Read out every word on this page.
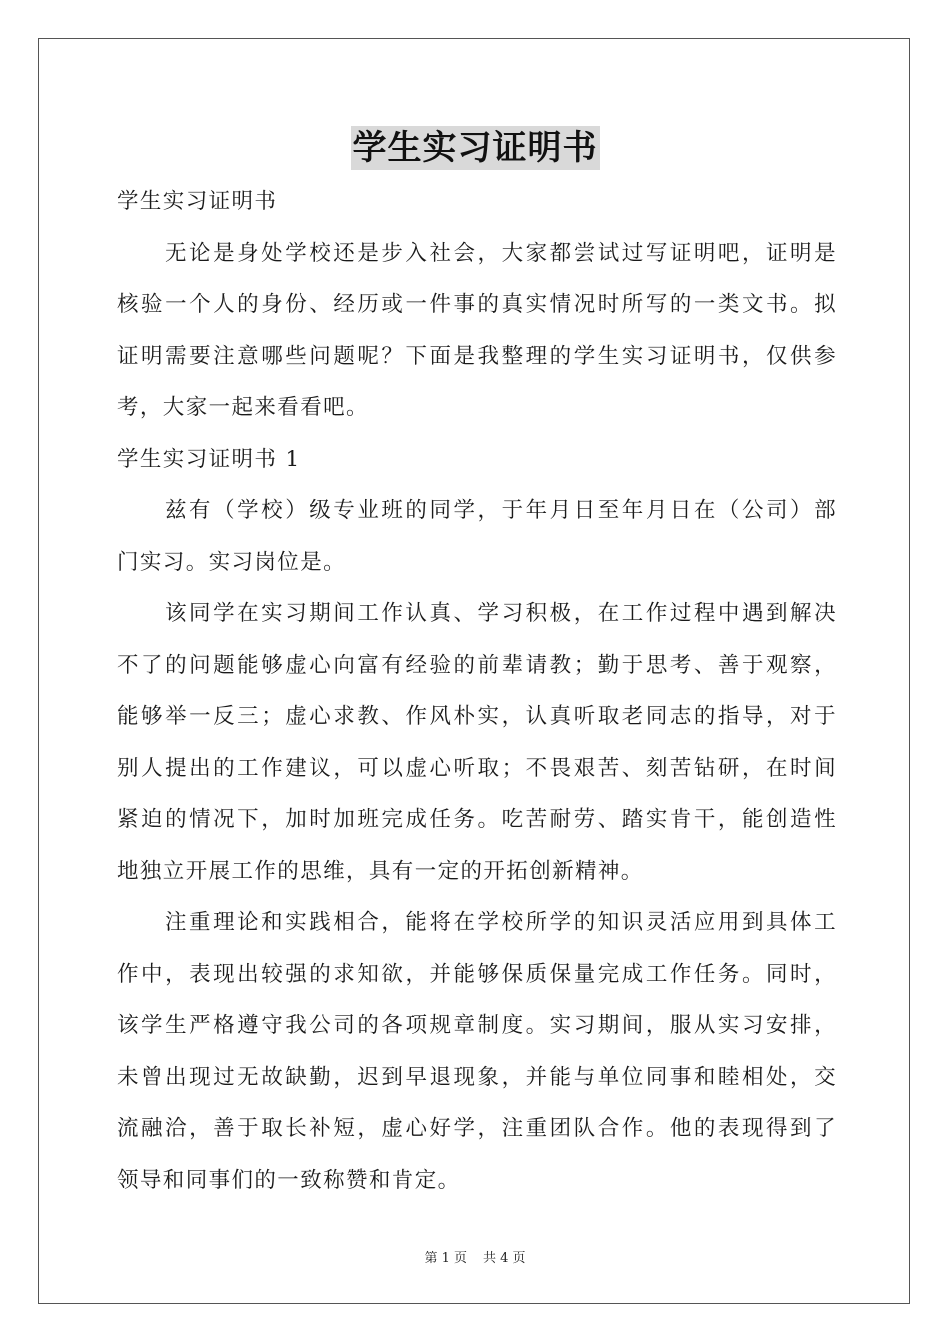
学生实习证明书

学生实习证明书

无论是身处学校还是步入社会，大家都尝试过写证明吧，证明是

核验一个人的身份、经历或一件事的真实情况时所写的一类文书。拟

证明需要注意哪些问题呢？下面是我整理的学生实习证明书，仅供参

考，大家一起来看看吧。

学生实习证明书 1

兹有（学校）级专业班的同学，于年月日至年月日在（公司）部

门实习。实习岗位是。

该同学在实习期间工作认真、学习积极，在工作过程中遇到解决

不了的问题能够虚心向富有经验的前辈请教；勤于思考、善于观察，

能够举一反三；虚心求教、作风朴实，认真听取老同志的指导，对于

别人提出的工作建议，可以虚心听取；不畏艰苦、刻苦钻研，在时间

紧迫的情况下，加时加班完成任务。吃苦耐劳、踏实肯干，能创造性

地独立开展工作的思维，具有一定的开拓创新精神。

注重理论和实践相合，能将在学校所学的知识灵活应用到具体工

作中，表现出较强的求知欲，并能够保质保量完成工作任务。同时，

该学生严格遵守我公司的各项规章制度。实习期间，服从实习安排，

未曾出现过无故缺勤，迟到早退现象，并能与单位同事和睦相处，交

流融洽，善于取长补短，虚心好学，注重团队合作。他的表现得到了

领导和同事们的一致称赞和肯定。

第 1 页 共 4 页
